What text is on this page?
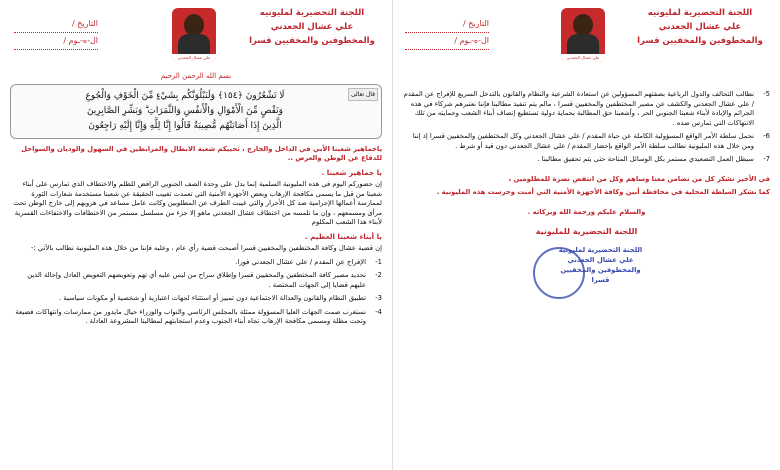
اللجنة التحضيرية لمليونيه
علي عشال الجعدني
والمخطوفين والمخفيين قسرا
علي عشال الجعدني
التاريخ /
ال-ه-ـوم /
بسم الله الرحمن الرحيم
قال تعالى
لَا تَشْعُرُونَ ﴿١٥٤﴾ وَلَنَبْلُوَنَّكُم بِشَيْءٍ مِّنَ الْخَوْفِ وَالْجُوعِ
وَنَقْصٍ مِّنَ الْأَمْوَالِ وَالْأَنفُسِ وَالثَّمَرَاتِ ۗ وَبَشِّرِ الصَّابِرِينَ
الَّذِينَ إِذَا أَصَابَتْهُم مُّصِيبَةٌ قَالُوا إِنَّا لِلَّهِ وَإِنَّا إِلَيْهِ رَاجِعُونَ

ياجماهير شعبنا الأبي في الداخل والخارج ، تحييكم شعبة الابطال والمرابطين في السهول والوديان والسواحل للدفاع عن الوطن والعرض ..

يا جماهير شعبنا .

إن حضوركم اليوم في هذه المليونية السلمية إنما يدل على وحدة الصف الجنوبي الرافض للظلم والاختطاف الذي تمارس على أبناء شعبنا من قبل ما يسمى مكافحة الإرهاب وبعض الأجهزة الأمنية التي تعمدت تغييب الحقيقة عن شعبنا مستخدمة شعارات الثورة لممارسة أعمالها الإجرامية ضد كل الأحرار والتي غيبت الطرف عن المطلوبين وكانت عامل مساعد في هروبهم إلى خارج الوطن تحت مرأى ومسمعهم ، وإن ما نلمسه من اختطاف عشال الجعدني ماهو إلا جزء من مسلسل مستمر من الاختطافات والاختفاءات القسرية لأبناء هذا الشعب المكلوم

يا أبناء شعبنا العظيم .

إن قضية عشال وكافة المختطفين والمخفيين قسرا أصبحت قضية رأي عام ، وعليه فإننا من خلال هذه المليونية نطالب بالآتي :-

1-
الإفراج عن المقدم / علي عشال الجعدني فورا.
2-
تحديد مصير كافة المختطفين والمخفيين قسرا وإطلاق سراح من ليس عليه أي تهم وتعويضهم التعويض العادل وإحالة الذين عليهم قضايا إلى الجهات المختصة .
3-
تطبيق النظام والقانون والعدالة الاجتماعية دون تمييز أو استثناء لجهات اعتبارية أو شخصية أو مكونات سياسية .
4-
نستغرب صمت الجهات العليا المسؤولة ممثلة بالمجلس الرئاسي والنواب والوزراء حيال مايدور من ممارسات وانتهاكات فضيعة وتحت مظلة ومسمى مكافحة الإرهاب تجاه أبناء الجنوب وعدم استجابتهم لمطالبنا المشروعة العادلة .
اللجنة التحضيرية لمليونيه
علي عشال الجعدني
والمخطوفين والمخفيين قسرا
علي عشال الجعدني
التاريخ /
ال-ه-ـوم /
5-
نطالب التحالف والدول الرباعية بصفتهم المسؤولين عن استعادة الشرعية والنظام والقانون بالتدخل السريع للإفراج عن المقدم / علي عشال الجعدني والكشف عن مصير المختطفين والمخفيين قسرا ، مالم يتم تنفيذ مطالبنا فإننا نعتبرهم شركاء في هذه الجرائم والإبادة لأبناء شعبنا الجنوبي الحر ، وأشعبنا حق المطالبة بحماية دولية تستطيع إنصاف أبناء الشعب وحمايته من تلك الانتهاكات التي تمارس ضده .
6-
نحمل سلطة الأمر الواقع المسؤولية الكاملة عن حياة المقدم / علي عشال الجعدني وكل المختطفين والمخفيين قسرا إذ إننا ومن خلال هذه المليونية نطالب سلطة الأمر الواقع بإحضار المقدم / علي عشال الجعدني دون قيد أو شرط .
7-
سيظل العمل التصعيدي مستمر بكل الوسائل المتاحة حتى يتم تحقيق مطالبنا .

في الأخير نشكر كل من تضامن معنا وساهم وكل من انتفض نصرة للمظلومين ،

كما نشكر السلطة المحلية في محافظة أبين وكافة الأجهزة الأمنية التي أمنت وحرست هذه المليونية .

والسلام عليكم ورحمة الله وبركاته .

اللجنة التحضيرية للمليونية
اللجنة التحضيرية لمليونية
علي عشال الجعدني
والمخطوفين والمخفيين قسرا
